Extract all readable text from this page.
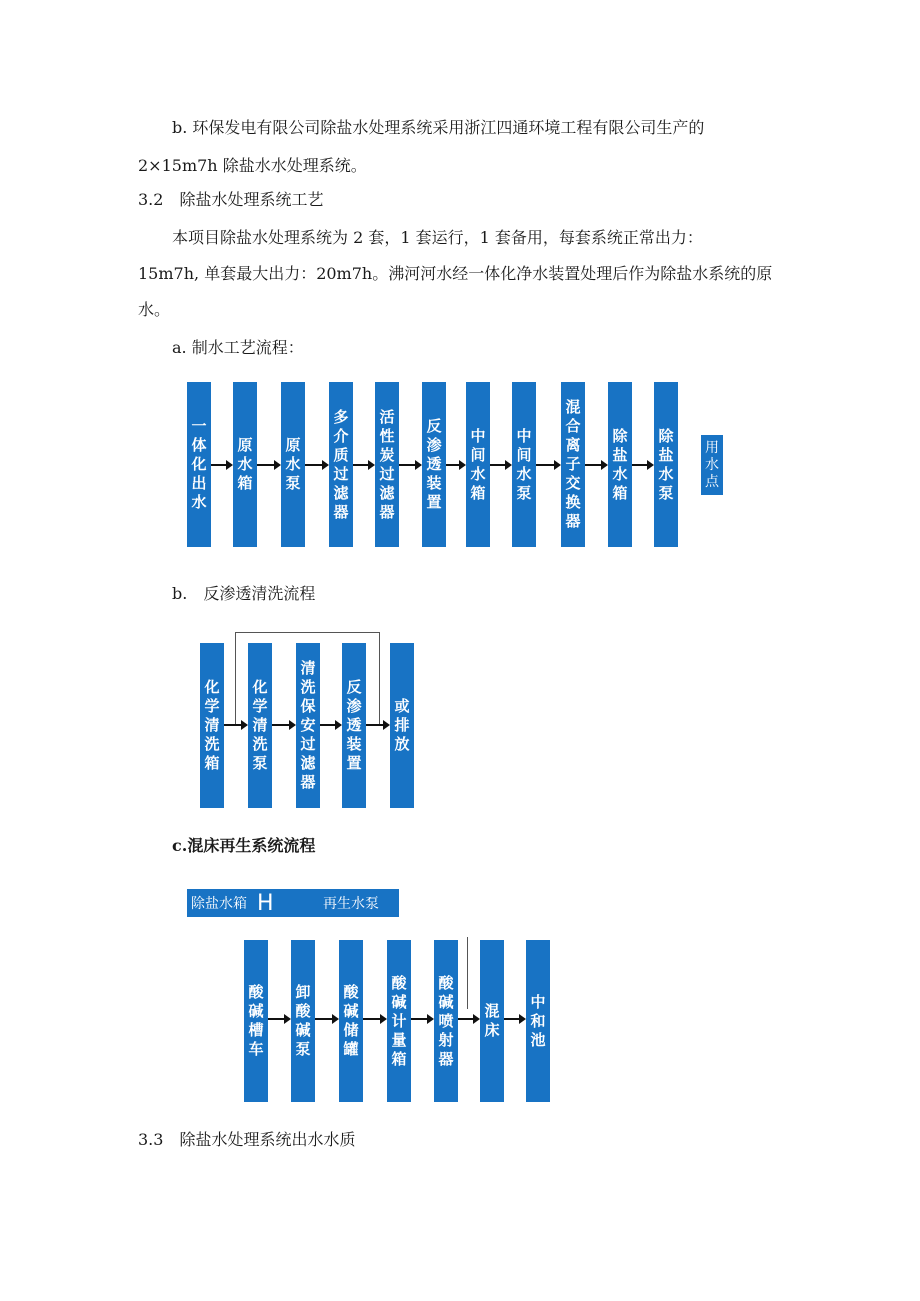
b. 环保发电有限公司除盐水处理系统采用浙江四通环境工程有限公司生产的
2×15m7h 除盐水水处理系统。
3.2　除盐水处理系统工艺
本项目除盐水处理系统为 2 套，1 套运行，1 套备用，每套系统正常出力：
15m7h, 单套最大出力：20m7h。沸河河水经一体化净水装置处理后作为除盐水系统的原
水。
a. 制水工艺流程：
一体化出水
原水箱
原水泵
多介质过滤器
活性炭过滤器
反渗透装置
中间水箱
中间水泵
混合离子交换器
除盐水箱
除盐水泵
用水点
b.　反渗透清洗流程
化学清洗箱
化学清洗泵
清洗保安过滤器
反渗透装置
或排放
c.混床再生系统流程
除盐水箱 H	再生水泵
酸碱槽车
卸酸碱泵
酸碱储罐
酸碱计量箱
酸碱喷射器
混床
中和池
3.3　除盐水处理系统出水水质
